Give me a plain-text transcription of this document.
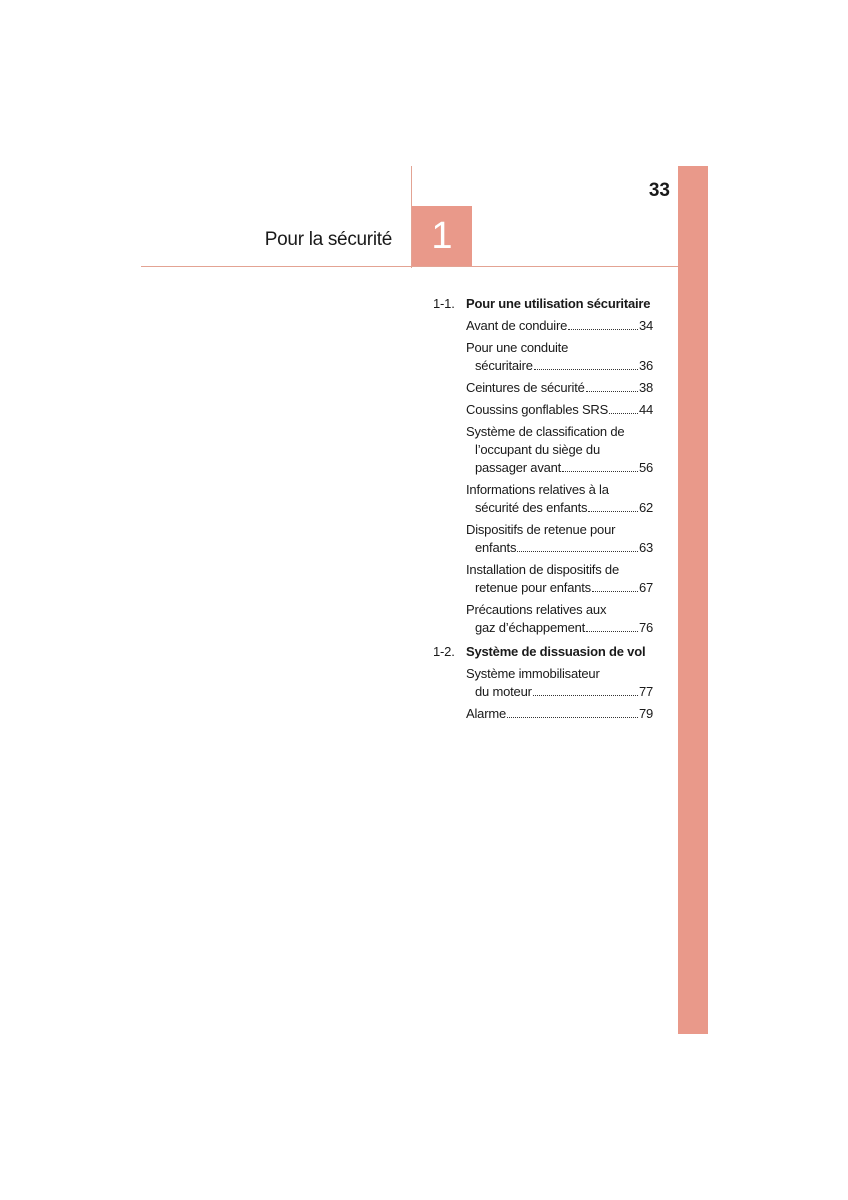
33
Pour la sécurité	1
1-1. Pour une utilisation sécuritaire
Avant de conduire	34
Pour une conduite
sécuritaire	36
Ceintures de sécurité	38
Coussins gonflables SRS 44
Système de classification de
l’occupant du siège du
passager avant	56
Informations relatives à la
sécurité des enfants	62
Dispositifs de retenue pour
enfants	63
Installation de dispositifs de
retenue pour enfants	67
Précautions relatives aux
gaz d’échappement	76
1-2. Système de dissuasion de vol
Système immobilisateur
du moteur	77
Alarme	79
